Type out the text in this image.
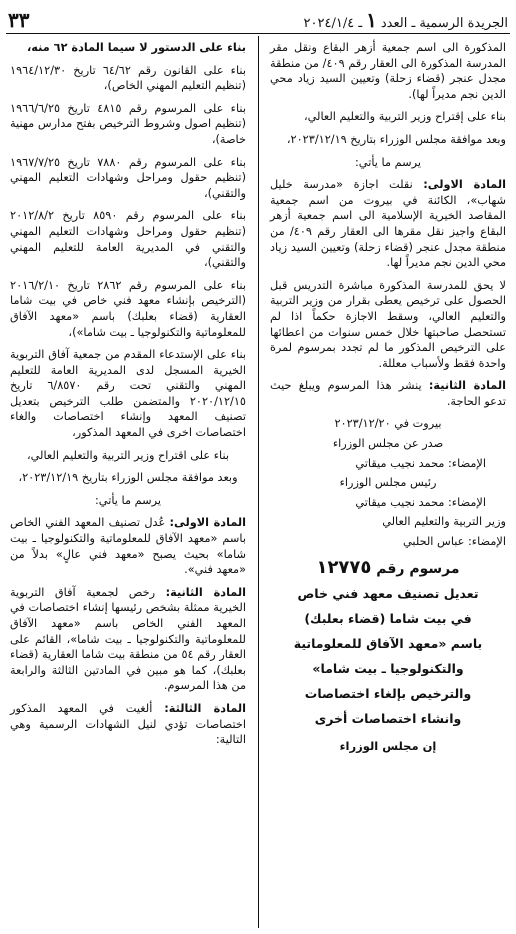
الجريدة الرسمية ـ العدد١ـ ٢٠٢٤/١/٤
٣٣

المذكورة الى اسم جمعية أزهر البقاع ونقل مقر المدرسة المذكورة الى العقار رقم ٤٠٩/ من منطقة مجدل عنجر (قضاء زحلة) وتعيين السيد زياد محي الدين نجم مديراً لها).

بناء على إقتراح وزير التربية والتعليم العالي،

وبعد موافقة مجلس الوزراء بتاريخ ٢٠٢٣/١٢/١٩،

يرسم ما يأتي:

المادة الاولى: نقلت اجازة «مدرسة خليل شهاب»، الكائنة في بيروت من اسم جمعية المقاصد الخيرية الإسلامية الى اسم جمعية أزهر البقاع واجيز نقل مقرها الى العقار رقم ٤٠٩/ من منطقة مجدل عنجر (قضاء زحلة) وتعيين السيد زياد محي الدين نجم مديراً لها.

لا يحق للمدرسة المذكورة مباشرة التدريس قبل الحصول على ترخيص يعطى بقرار من وزير التربية والتعليم العالي، وسقط الاجازة حكماً اذا لم تستحصل صاحبتها خلال خمس سنوات من اعطائها على الترخيص المذكور ما لم تجدد بمرسوم لمرة واحدة فقط ولأسباب معللة.

المادة الثانية: ينشر هذا المرسوم ويبلغ حيث تدعو الحاجة.

بيروت في ٢٠٢٣/١٢/٢٠

صدر عن مجلس الوزراء

الإمضاء: محمد نجيب ميقاتي

رئيس مجلس الوزراء

الإمضاء: محمد نجيب ميقاتي

وزير التربية والتعليم العالي

الإمضاء: عباس الحلبي

مرسوم رقم ١٢٧٧٥
تعديل تصنيف معهد فني خاص
في بيت شاما (قضاء بعلبك)
باسم «معهد الآفاق للمعلوماتية
والتكنولوجيا ـ بيت شاما»
والترخيص بإلغاء اختصاصات
وانشاء اختصاصات أخرى
إن مجلس الوزراء

بناء على الدستور لا سيما المادة ٦٢ منه،

بناء على القانون رقم ٦٤/٦٢ تاريخ ١٩٦٤/١٢/٣٠ (تنظيم التعليم المهني الخاص)،

بناء على المرسوم رقم ٤٨١٥ تاريخ ١٩٦٦/٦/٢٥ (تنظيم اصول وشروط الترخيص بفتح مدارس مهنية خاصة)،

بناء على المرسوم رقم ٧٨٨٠ تاريخ ١٩٦٧/٧/٢٥ (تنظيم حقول ومراحل وشهادات التعليم المهني والتقني)،

بناء على المرسوم رقم ٨٥٩٠ تاريخ ٢٠١٢/٨/٢ (تنظيم حقول ومراحل وشهادات التعليم المهني والتقني في المديرية العامة للتعليم المهني والتقني)،

بناء على المرسوم رقم ٢٨٦٢ تاريخ ٢٠١٦/٢/١٠ (الترخيص بإنشاء معهد فني خاص في بيت شاما العقارية (قضاء بعلبك) باسم «معهد الآفاق للمعلوماتية والتكنولوجيا ـ بيت شاما»)،

بناء على الإستدعاء المقدم من جمعية آفاق التربوية الخيرية المسجل لدى المديرية العامة للتعليم المهني والتقني تحت رقم ٦/٨٥٧٠ تاريخ ٢٠٢٠/١٢/١٥ والمتضمن طلب الترخيص بتعديل تصنيف المعهد وإنشاء اختصاصات والغاء اختصاصات اخرى في المعهد المذكور،

بناء على اقتراح وزير التربية والتعليم العالي،

وبعد موافقة مجلس الوزراء بتاريخ ٢٠٢٣/١٢/١٩،

يرسم ما يأتي:

المادة الاولى: عُدل تصنيف المعهد الفني الخاص باسم «معهد الآفاق للمعلوماتية والتكنولوجيا ـ بيت شاما» بحيث يصبح «معهد فني عالٍ» بدلاً من «معهد فني».

المادة الثانية: رخص لجمعية آفاق التربوية الخيرية ممثلة بشخص رئيسها إنشاء اختصاصات في المعهد الفني الخاص باسم «معهد الآفاق للمعلوماتية والتكنولوجيا ـ بيت شاما»، القائم على العقار رقم ٥٤ من منطقة بيت شاما العقارية (قضاء بعلبك)، كما هو مبين في المادتين الثالثة والرابعة من هذا المرسوم.

المادة الثالثة: ألغيت في المعهد المذكور اختصاصات تؤدي لنيل الشهادات الرسمية وهي التالية:
